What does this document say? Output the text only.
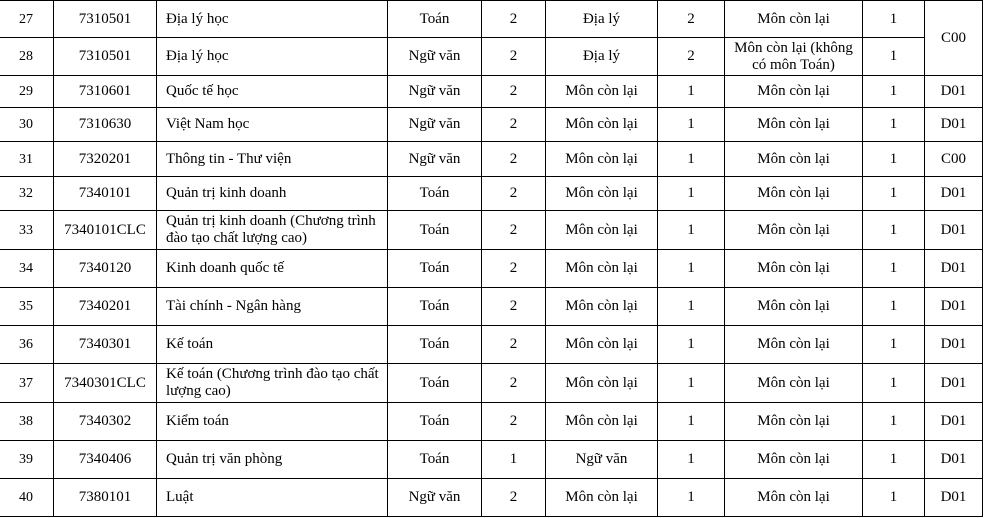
27	7310501	Địa lý học	Toán	2	Địa lý	2	Môn còn lại	1	C00
28	7310501	Địa lý học	Ngữ văn	2	Địa lý	2	Môn còn lại (không có môn Toán)	1	
29	7310601	Quốc tế học	Ngữ văn	2	Môn còn lại	1	Môn còn lại	1	D01
30	7310630	Việt Nam học	Ngữ văn	2	Môn còn lại	1	Môn còn lại	1	D01
31	7320201	Thông tin - Thư viện	Ngữ văn	2	Môn còn lại	1	Môn còn lại	1	C00
32	7340101	Quản trị kinh doanh	Toán	2	Môn còn lại	1	Môn còn lại	1	D01
33	7340101CLC	Quản trị kinh doanh (Chương trình đào tạo chất lượng cao)	Toán	2	Môn còn lại	1	Môn còn lại	1	D01
34	7340120	Kinh doanh quốc tế	Toán	2	Môn còn lại	1	Môn còn lại	1	D01
35	7340201	Tài chính - Ngân hàng	Toán	2	Môn còn lại	1	Môn còn lại	1	D01
36	7340301	Kế toán	Toán	2	Môn còn lại	1	Môn còn lại	1	D01
37	7340301CLC	Kế toán (Chương trình đào tạo chất lượng cao)	Toán	2	Môn còn lại	1	Môn còn lại	1	D01
38	7340302	Kiểm toán	Toán	2	Môn còn lại	1	Môn còn lại	1	D01
39	7340406	Quản trị văn phòng	Toán	1	Ngữ văn	1	Môn còn lại	1	D01
40	7380101	Luật	Ngữ văn	2	Môn còn lại	1	Môn còn lại	1	D01
